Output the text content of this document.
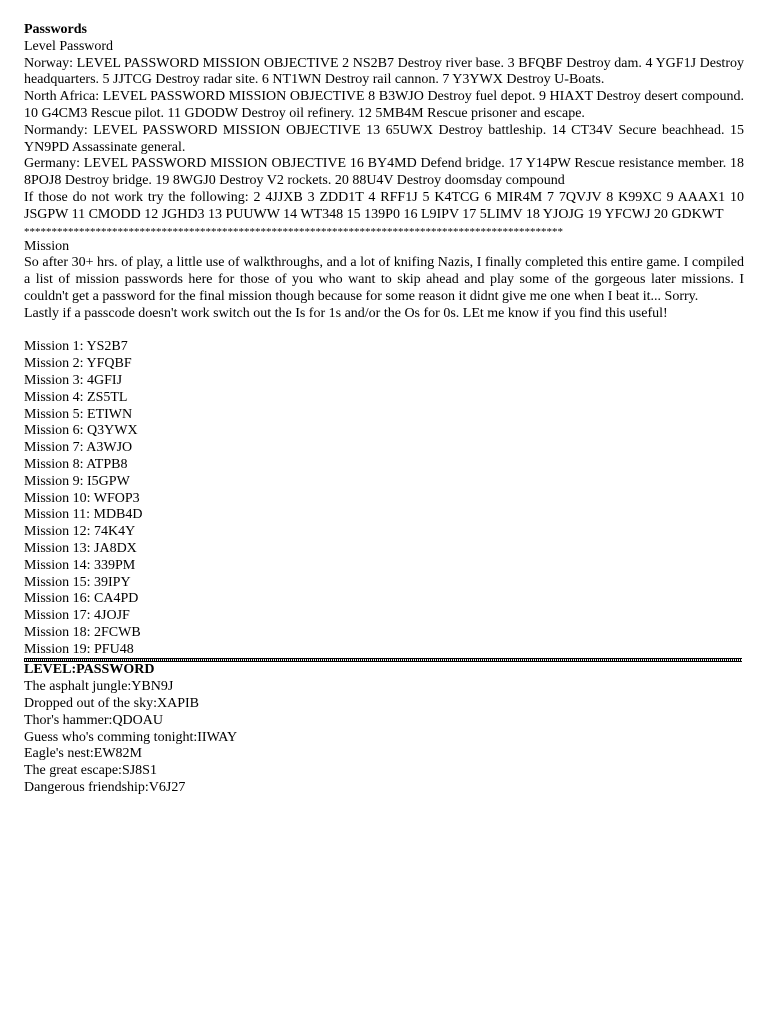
Passwords
Level Password

Norway: LEVEL PASSWORD MISSION OBJECTIVE 2 NS2B7 Destroy river base. 3 BFQBF Destroy dam. 4 YGF1J Destroy headquarters. 5 JJTCG Destroy radar site. 6 NT1WN Destroy rail cannon. 7 Y3YWX Destroy U-Boats.

North Africa: LEVEL PASSWORD MISSION OBJECTIVE 8 B3WJO Destroy fuel depot. 9 HIAXT Destroy desert compound. 10 G4CM3 Rescue pilot. 11 GDODW Destroy oil refinery. 12 5MB4M Rescue prisoner and escape.

Normandy: LEVEL PASSWORD MISSION OBJECTIVE 13 65UWX Destroy battleship. 14 CT34V Secure beachhead. 15 YN9PD Assassinate general.

Germany: LEVEL PASSWORD MISSION OBJECTIVE 16 BY4MD Defend bridge. 17 Y14PW Rescue resistance member. 18 8POJ8 Destroy bridge. 19 8WGJ0 Destroy V2 rockets. 20 88U4V Destroy doomsday compound

If those do not work try the following: 2 4JJXB 3 ZDD1T 4 RFF1J 5 K4TCG 6 MIR4M 7 7QVJV 8 K99XC 9 AAAX1 10 JSGPW 11 CMODD 12 JGHD3 13 PUUWW 14 WT348 15 139P0 16 L9IPV 17 5LIMV 18 YJOJG 19 YFCWJ 20 GDKWT

**************************************************************************************************
Mission

So after 30+ hrs. of play, a little use of walkthroughs, and a lot of knifing Nazis, I finally completed this entire game. I compiled a list of mission passwords here for those of you who want to skip ahead and play some of the gorgeous later missions. I couldn't get a password for the final mission though because for some reason it didnt give me one when I beat it... Sorry.

Lastly if a passcode doesn't work switch out the Is for 1s and/or the Os for 0s. LEt me know if you find this useful!

Mission 1: YS2B7
Mission 2: YFQBF
Mission 3: 4GFIJ
Mission 4: ZS5TL
Mission 5: ETIWN
Mission 6: Q3YWX
Mission 7: A3WJO
Mission 8: ATPB8
Mission 9: I5GPW
Mission 10: WFOP3
Mission 11: MDB4D
Mission 12: 74K4Y
Mission 13: JA8DX
Mission 14: 339PM
Mission 15: 39IPY
Mission 16: CA4PD
Mission 17: 4JOJF
Mission 18: 2FCWB
Mission 19: PFU48
LEVEL:PASSWORD
The asphalt jungle:YBN9J
Dropped out of the sky:XAPIB
Thor's hammer:QDOAU
Guess who's comming tonight:IIWAY
Eagle's nest:EW82M
The great escape:SJ8S1
Dangerous friendship:V6J27
